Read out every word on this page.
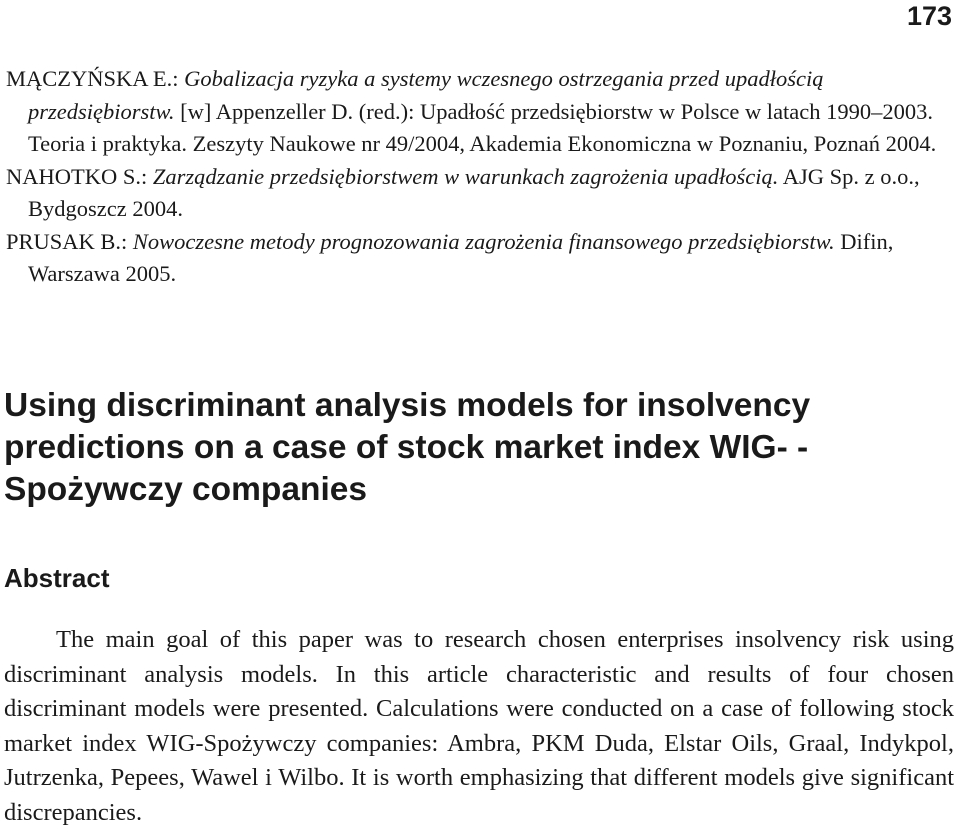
173

MĄCZYŃSKA E.: Gobalizacja ryzyka a systemy wczesnego ostrzegania przed upadłością przedsiębiorstw. [w] Appenzeller D. (red.): Upadłość przedsiębiorstw w Polsce w latach 1990–2003. Teoria i praktyka. Zeszyty Naukowe nr 49/2004, Akademia Ekonomiczna w Poznaniu, Poznań 2004.

NAHOTKO S.: Zarządzanie przedsiębiorstwem w warunkach zagrożenia upadłością. AJG Sp. z o.o., Bydgoszcz 2004.

PRUSAK B.: Nowoczesne metody prognozowania zagrożenia finansowego przedsiębiorstw. Difin, Warszawa 2005.

Using discriminant analysis models for insolvency predictions on a case of stock market index WIG- -Spożywczy companies
Abstract

The main goal of this paper was to research chosen enterprises insolvency risk using discriminant analysis models. In this article characteristic and results of four chosen discriminant models were presented. Calculations were conducted on a case of following stock market index WIG-Spożywczy companies: Ambra, PKM Duda, Elstar Oils, Graal, Indykpol, Jutrzenka, Pepees, Wawel i Wilbo. It is worth emphasizing that different models give significant discrepancies.
